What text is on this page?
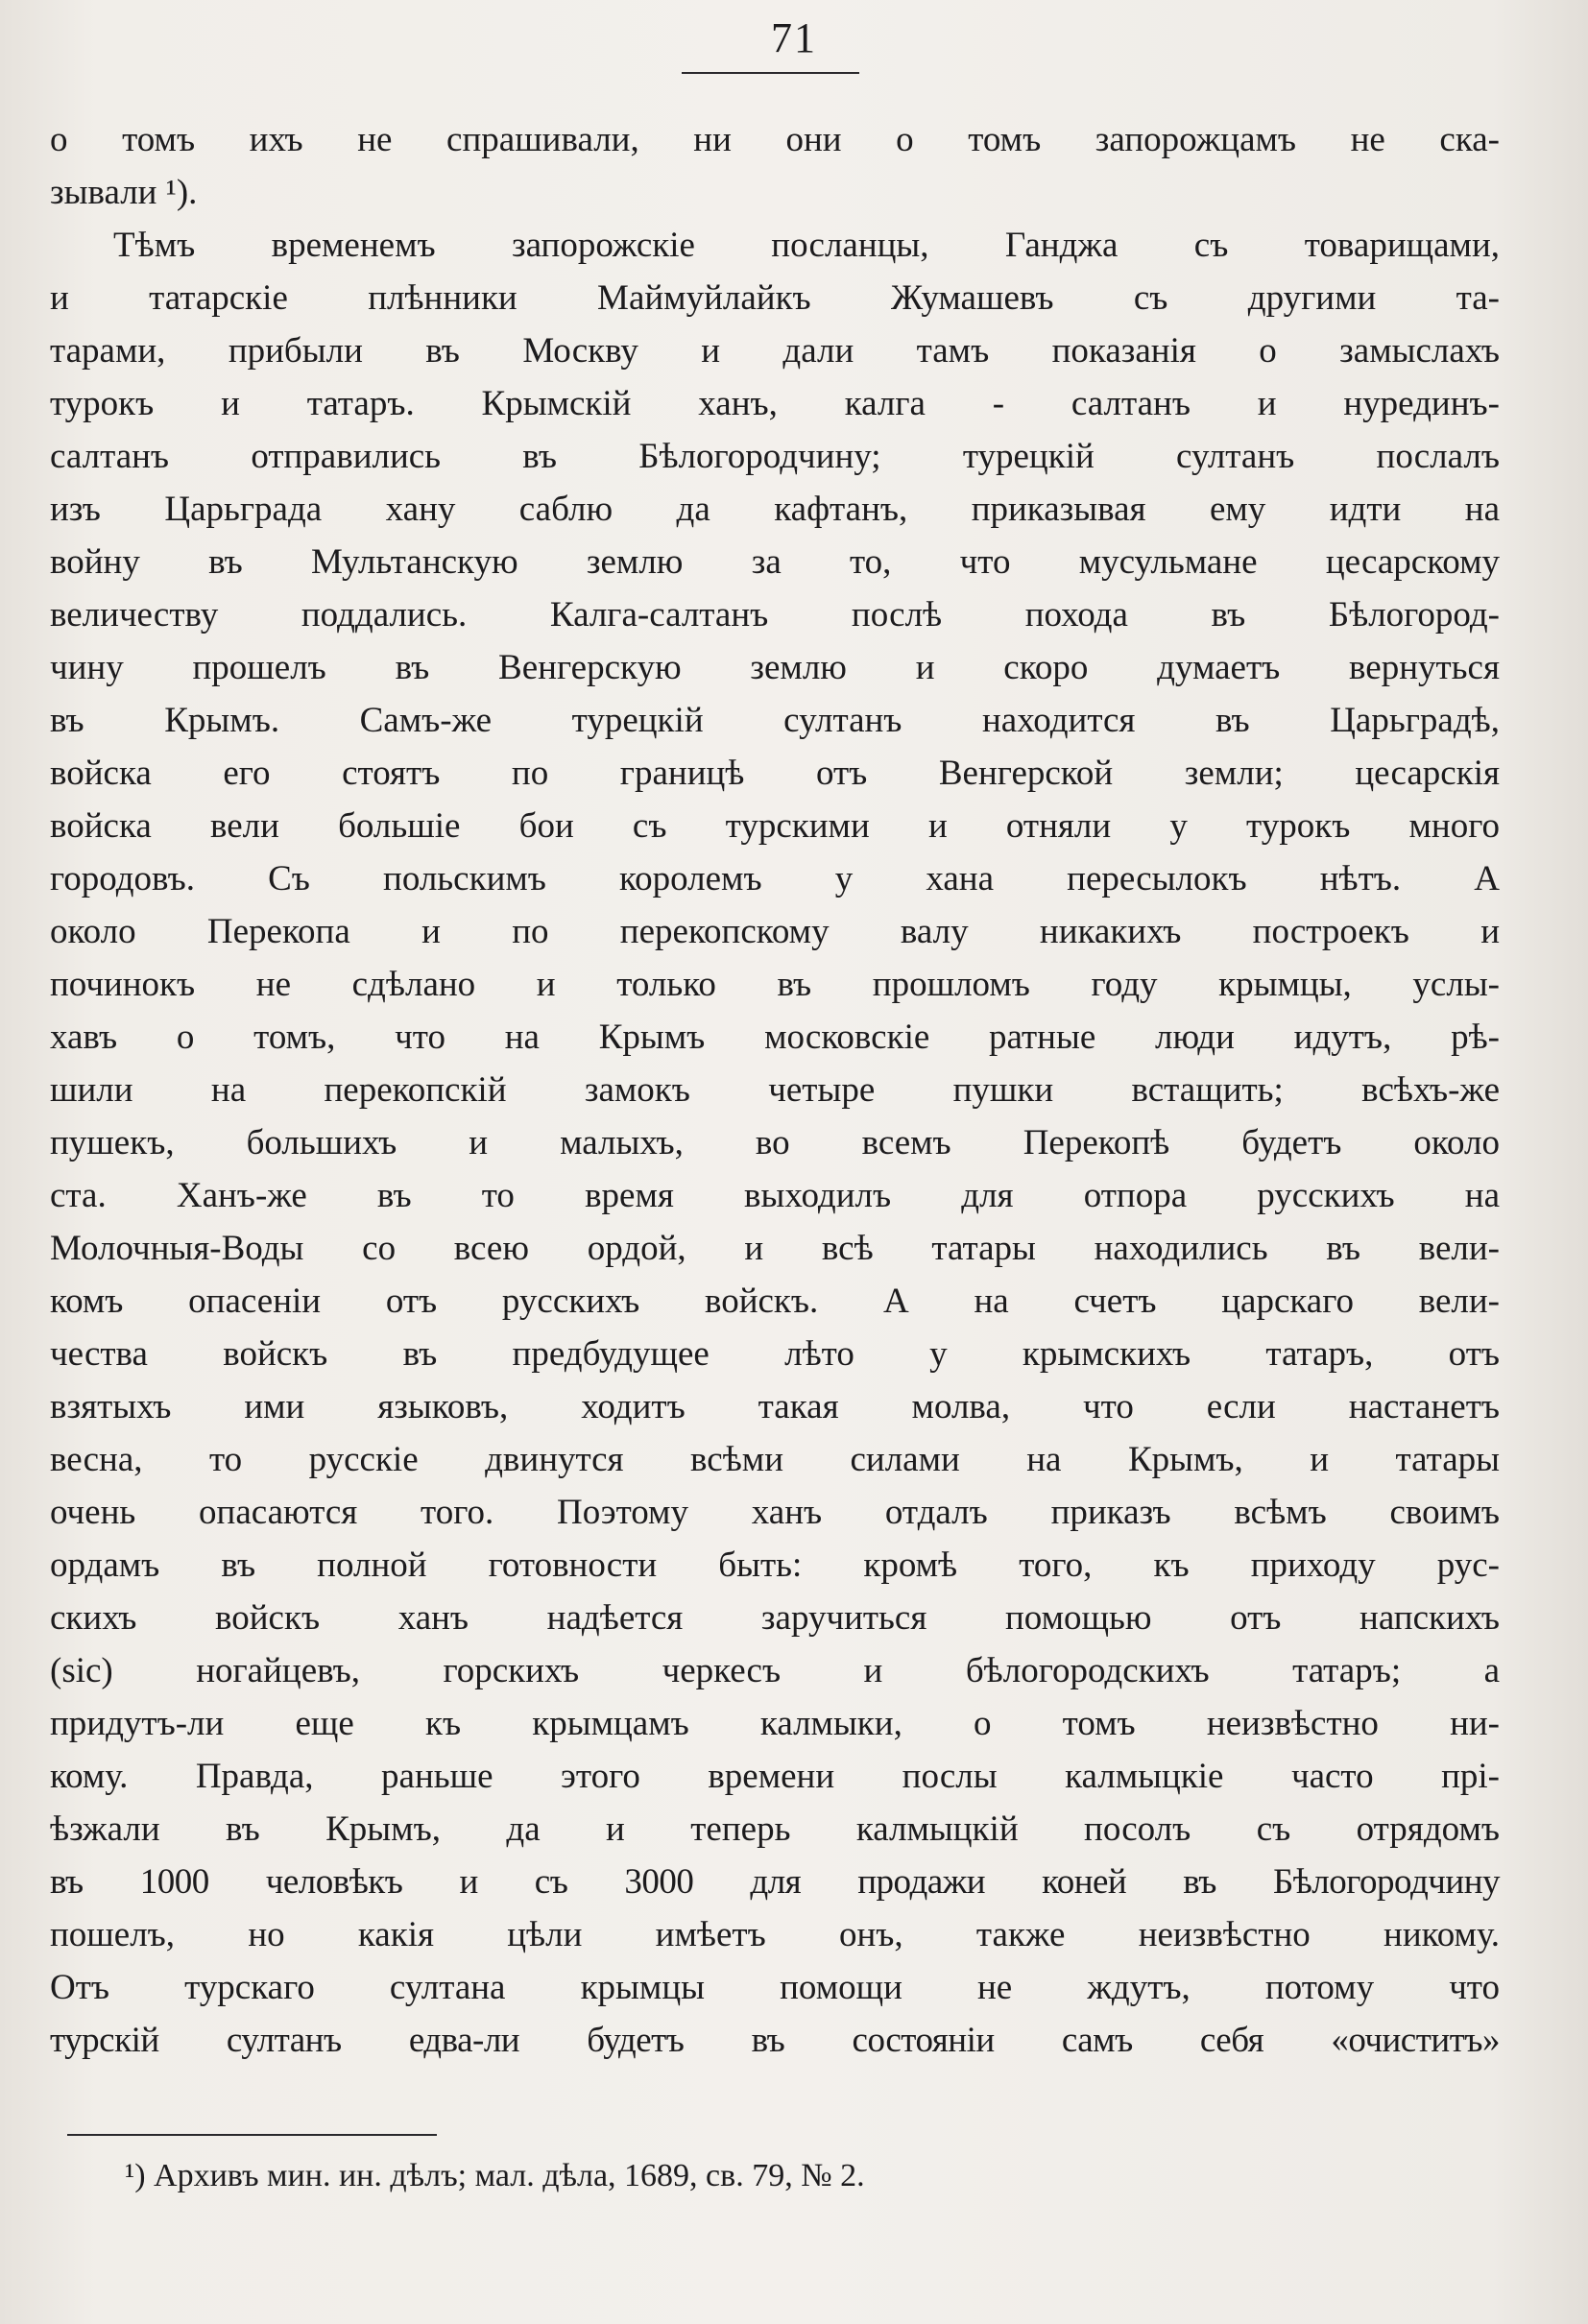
71
о томъ ихъ не спрашивали, ни они о томъ запорожцамъ не ска-
зывали ¹).
Тѣмъ временемъ запорожскіе посланцы, Ганджа съ товарищами,
и татарскіе плѣнники Маймуйлайкъ Жумашевъ съ другими та-
тарами, прибыли въ Москву и дали тамъ показанія о замыслахъ
турокъ и татаръ. Крымскій ханъ, калга - салтанъ и нурединъ-
салтанъ отправились въ Бѣлогородчину; турецкій султанъ послалъ
изъ Царьграда хану саблю да кафтанъ, приказывая ему идти на
войну въ Мультанскую землю за то, что мусульмане цесарскому
величеству поддались. Калга-салтанъ послѣ похода въ Бѣлогород-
чину прошелъ въ Венгерскую землю и скоро думаетъ вернуться
въ Крымъ. Самъ-же турецкій султанъ находится въ Царьградѣ,
войска его стоятъ по границѣ отъ Венгерской земли; цесарскія
войска вели большіе бои съ турскими и отняли у турокъ много
городовъ. Съ польскимъ королемъ у хана пересылокъ нѣтъ. А
около Перекопа и по перекопскому валу никакихъ построекъ и
починокъ не сдѣлано и только въ прошломъ году крымцы, услы-
хавъ о томъ, что на Крымъ московскіе ратные люди идутъ, рѣ-
шили на перекопскій замокъ четыре пушки встащить; всѣхъ-же
пушекъ, большихъ и малыхъ, во всемъ Перекопѣ будетъ около
ста. Ханъ-же въ то время выходилъ для отпора русскихъ на
Молочныя-Воды со всею ордой, и всѣ татары находились въ вели-
комъ опасеніи отъ русскихъ войскъ. А на счетъ царскаго вели-
чества войскъ въ предбудущее лѣто у крымскихъ татаръ, отъ
взятыхъ ими языковъ, ходитъ такая молва, что если настанетъ
весна, то русскіе двинутся всѣми силами на Крымъ, и татары
очень опасаются того. Поэтому ханъ отдалъ приказъ всѣмъ своимъ
ордамъ въ полной готовности быть: кромѣ того, къ приходу рус-
скихъ войскъ ханъ надѣется заручиться помощью отъ напскихъ
(sic) ногайцевъ, горскихъ черкесъ и бѣлогородскихъ татаръ; а
придутъ-ли еще къ крымцамъ калмыки, о томъ неизвѣстно ни-
кому. Правда, раньше этого времени послы калмыцкіе часто прі-
ѣзжали въ Крымъ, да и теперь калмыцкій посолъ съ отрядомъ
въ 1000 человѣкъ и съ 3000 для продажи коней въ Бѣлогородчину
пошелъ, но какія цѣли имѣетъ онъ, также неизвѣстно никому.
Отъ турскаго султана крымцы помощи не ждутъ, потому что
турскій султанъ едва-ли будетъ въ состояніи самъ себя «очиститъ»
¹) Архивъ мин. ин. дѣлъ; мал. дѣла, 1689, св. 79, № 2.
